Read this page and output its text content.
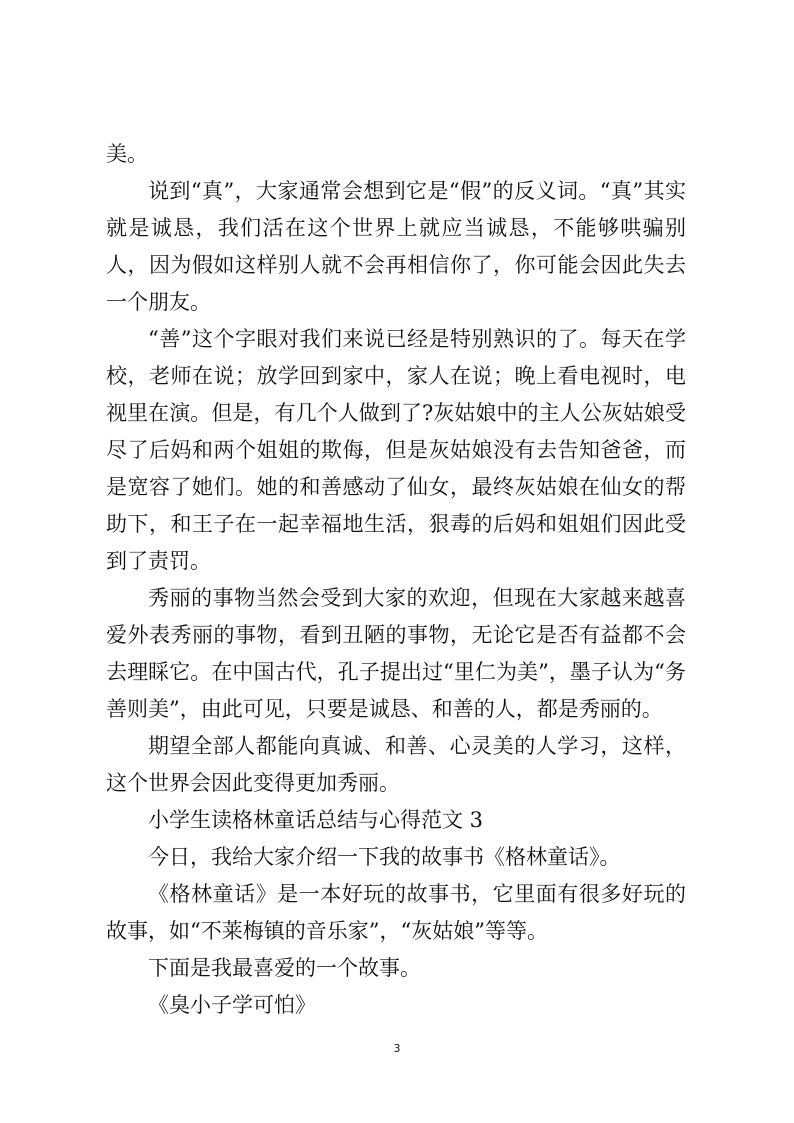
美。

说到“真”，大家通常会想到它是“假”的反义词。“真”其实就是诚恳，我们活在这个世界上就应当诚恳，不能够哄骗别人，因为假如这样别人就不会再相信你了，你可能会因此失去一个朋友。

“善”这个字眼对我们来说已经是特别熟识的了。每天在学校，老师在说；放学回到家中，家人在说；晚上看电视时，电视里在演。但是，有几个人做到了?灰姑娘中的主人公灰姑娘受尽了后妈和两个姐姐的欺侮，但是灰姑娘没有去告知爸爸，而是宽容了她们。她的和善感动了仙女，最终灰姑娘在仙女的帮助下，和王子在一起幸福地生活，狠毒的后妈和姐姐们因此受到了责罚。

秀丽的事物当然会受到大家的欢迎，但现在大家越来越喜爱外表秀丽的事物，看到丑陋的事物，无论它是否有益都不会去理睬它。在中国古代，孔子提出过“里仁为美”，墨子认为“务善则美”，由此可见，只要是诚恳、和善的人，都是秀丽的。

期望全部人都能向真诚、和善、心灵美的人学习，这样，这个世界会因此变得更加秀丽。

小学生读格林童话总结与心得范文 3

今日，我给大家介绍一下我的故事书《格林童话》。

《格林童话》是一本好玩的故事书，它里面有很多好玩的故事，如“不莱梅镇的音乐家”，“灰姑娘”等等。

下面是我最喜爱的一个故事。

《臭小子学可怕》

3
